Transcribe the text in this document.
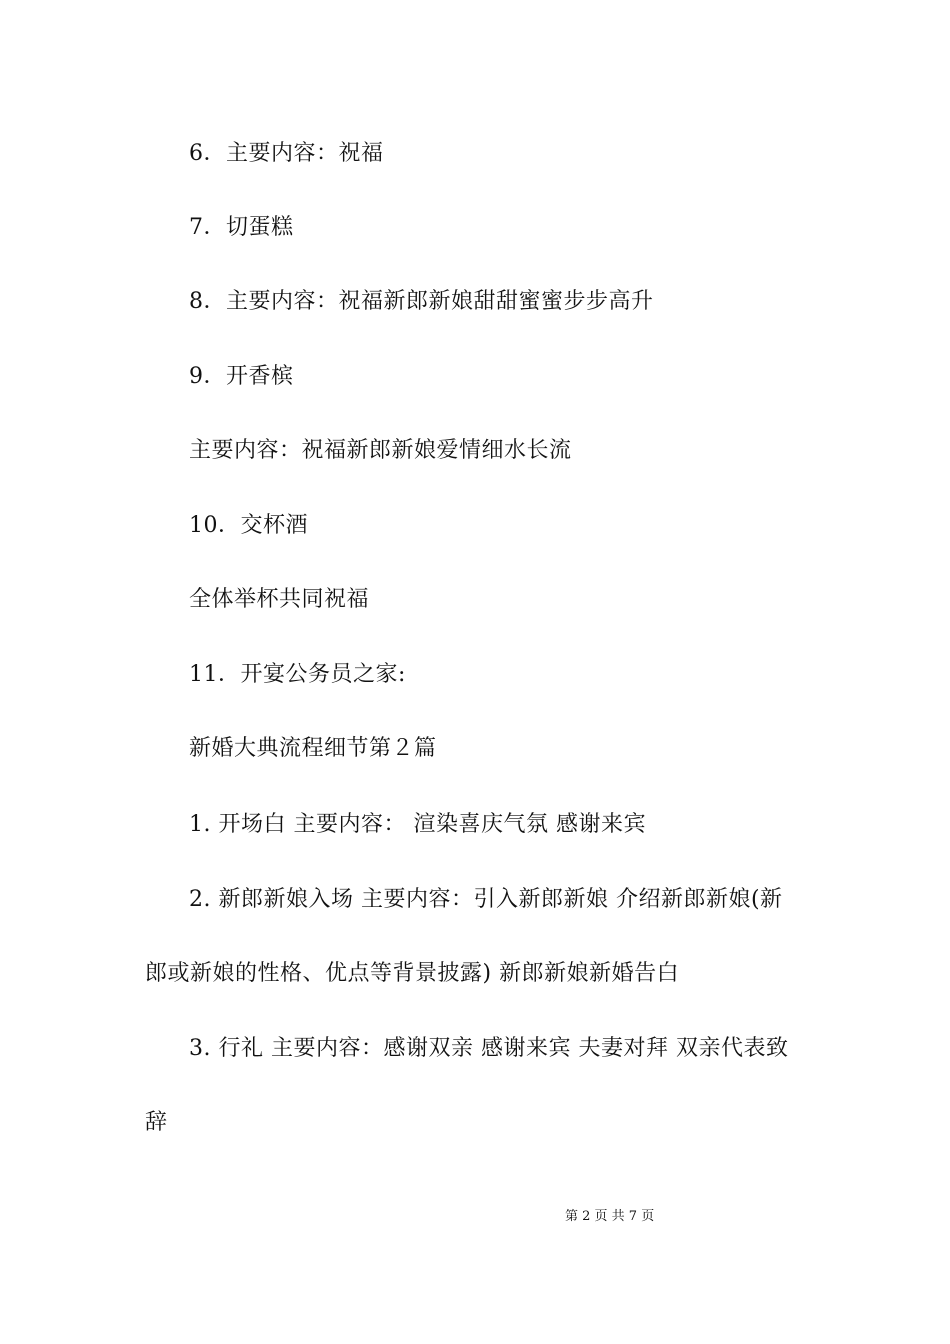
6．主要内容：祝福
7．切蛋糕
8．主要内容：祝福新郎新娘甜甜蜜蜜步步高升
9．开香槟
主要内容：祝福新郎新娘爱情细水长流
10．交杯酒
全体举杯共同祝福
11．开宴公务员之家:
新婚大典流程细节第２篇
1. 开场白 主要内容： 渲染喜庆气氛 感谢来宾
2. 新郎新娘入场 主要内容：引入新郎新娘 介绍新郎新娘(新
郎或新娘的性格、优点等背景披露) 新郎新娘新婚告白
3. 行礼 主要内容：感谢双亲 感谢来宾 夫妻对拜 双亲代表致
辞
第 2 页 共 7 页
